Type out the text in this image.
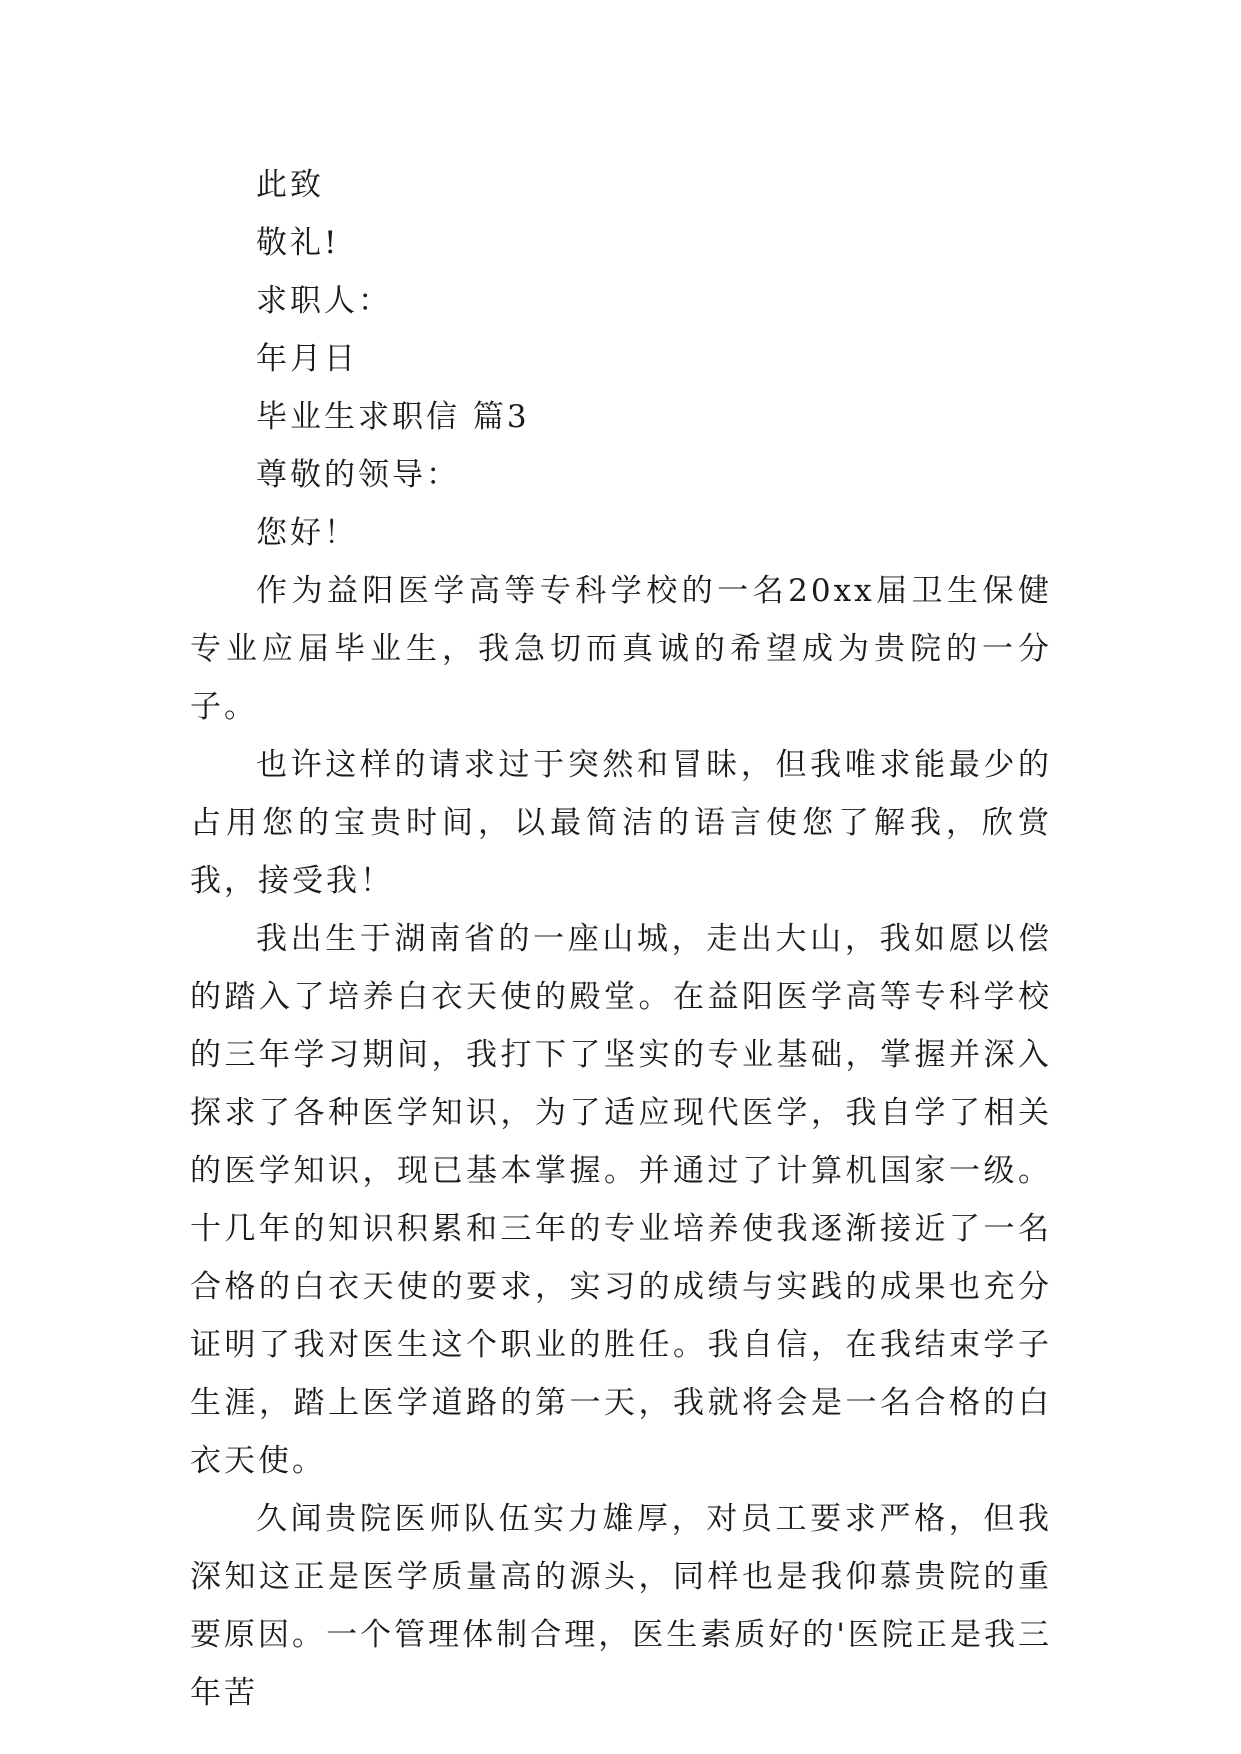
此致

敬礼!

求职人：

年月日

毕业生求职信 篇3

尊敬的领导：

您好！

作为益阳医学高等专科学校的一名20xx届卫生保健专业应届毕业生，我急切而真诚的希望成为贵院的一分子。

也许这样的请求过于突然和冒昧，但我唯求能最少的占用您的宝贵时间，以最简洁的语言使您了解我，欣赏我，接受我！

我出生于湖南省的一座山城，走出大山，我如愿以偿的踏入了培养白衣天使的殿堂。在益阳医学高等专科学校的三年学习期间，我打下了坚实的专业基础，掌握并深入探求了各种医学知识，为了适应现代医学，我自学了相关的医学知识，现已基本掌握。并通过了计算机国家一级。十几年的知识积累和三年的专业培养使我逐渐接近了一名合格的白衣天使的要求，实习的成绩与实践的成果也充分证明了我对医生这个职业的胜任。我自信，在我结束学子生涯，踏上医学道路的第一天，我就将会是一名合格的白衣天使。

久闻贵院医师队伍实力雄厚，对员工要求严格，但我深知这正是医学质量高的源头，同样也是我仰慕贵院的重要原因。一个管理体制合理，医生素质好的'医院正是我三年苦
